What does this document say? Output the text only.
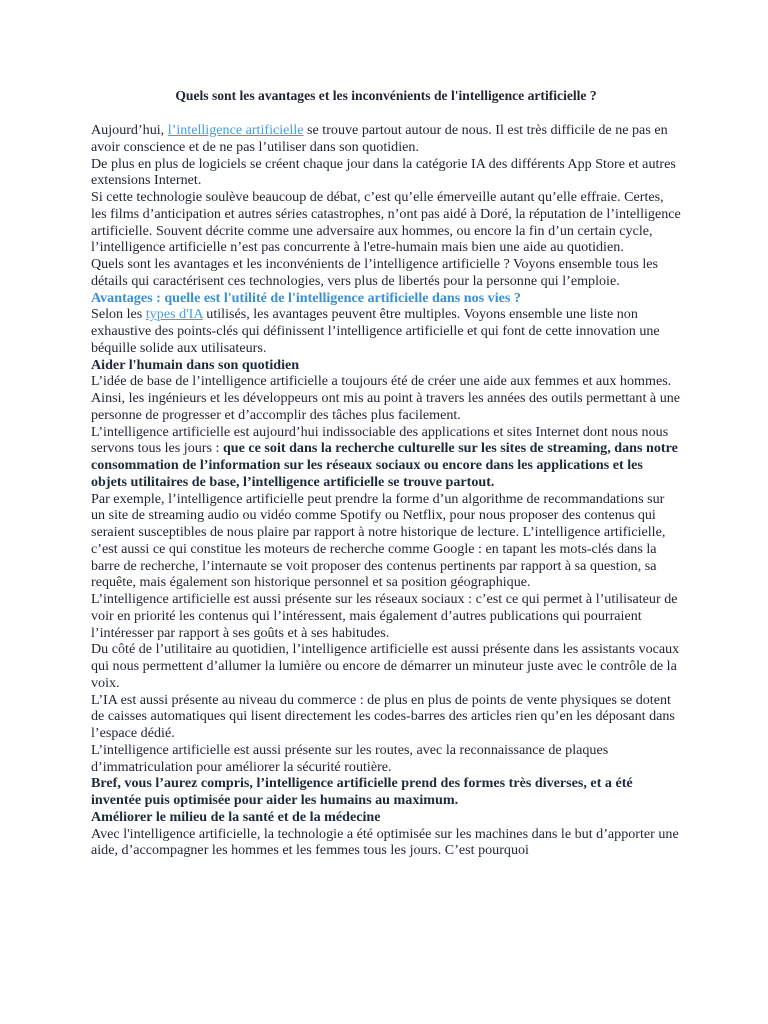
Quels sont les avantages et les inconvénients de l'intelligence artificielle ?

Aujourd’hui, l’intelligence artificielle se trouve partout autour de nous. Il est très difficile de ne pas en avoir conscience et de ne pas l’utiliser dans son quotidien.

De plus en plus de logiciels se créent chaque jour dans la catégorie IA des différents App Store et autres extensions Internet.

Si cette technologie soulève beaucoup de débat, c’est qu’elle émerveille autant qu’elle effraie. Certes, les films d’anticipation et autres séries catastrophes, n’ont pas aidé à Doré, la réputation de l’intelligence artificielle. Souvent décrite comme une adversaire aux hommes, ou encore la fin d’un certain cycle, l’intelligence artificielle n’est pas concurrente à l'etre-humain mais bien une aide au quotidien.

Quels sont les avantages et les inconvénients de l’intelligence artificielle ? Voyons ensemble tous les détails qui caractérisent ces technologies, vers plus de libertés pour la personne qui l’emploie.

Avantages : quelle est l'utilité de l'intelligence artificielle dans nos vies ?

Selon les types d'IA utilisés, les avantages peuvent être multiples. Voyons ensemble une liste non exhaustive des points-clés qui définissent l’intelligence artificielle et qui font de cette innovation une béquille solide aux utilisateurs.

Aider l'humain dans son quotidien

L’idée de base de l’intelligence artificielle a toujours été de créer une aide aux femmes et aux hommes. Ainsi, les ingénieurs et les développeurs ont mis au point à travers les années des outils permettant à une personne de progresser et d’accomplir des tâches plus facilement.

L’intelligence artificielle est aujourd’hui indissociable des applications et sites Internet dont nous nous servons tous les jours : que ce soit dans la recherche culturelle sur les sites de streaming, dans notre consommation de l’information sur les réseaux sociaux ou encore dans les applications et les objets utilitaires de base, l’intelligence artificielle se trouve partout.

Par exemple, l’intelligence artificielle peut prendre la forme d’un algorithme de recommandations sur un site de streaming audio ou vidéo comme Spotify ou Netflix, pour nous proposer des contenus qui seraient susceptibles de nous plaire par rapport à notre historique de lecture. L’intelligence artificielle, c’est aussi ce qui constitue les moteurs de recherche comme Google : en tapant les mots-clés dans la barre de recherche, l’internaute se voit proposer des contenus pertinents par rapport à sa question, sa requête, mais également son historique personnel et sa position géographique.

L’intelligence artificielle est aussi présente sur les réseaux sociaux : c’est ce qui permet à l’utilisateur de voir en priorité les contenus qui l’intéressent, mais également d’autres publications qui pourraient l’intéresser par rapport à ses goûts et à ses habitudes.

Du côté de l’utilitaire au quotidien, l’intelligence artificielle est aussi présente dans les assistants vocaux qui nous permettent d’allumer la lumière ou encore de démarrer un minuteur juste avec le contrôle de la voix.

L’IA est aussi présente au niveau du commerce : de plus en plus de points de vente physiques se dotent de caisses automatiques qui lisent directement les codes-barres des articles rien qu’en les déposant dans l’espace dédié.

L’intelligence artificielle est aussi présente sur les routes, avec la reconnaissance de plaques d’immatriculation pour améliorer la sécurité routière.

Bref, vous l’aurez compris, l’intelligence artificielle prend des formes très diverses, et a été inventée puis optimisée pour aider les humains au maximum.

Améliorer le milieu de la santé et de la médecine

Avec l'intelligence artificielle, la technologie a été optimisée sur les machines dans le but d’apporter une aide, d’accompagner les hommes et les femmes tous les jours. C’est pourquoi
